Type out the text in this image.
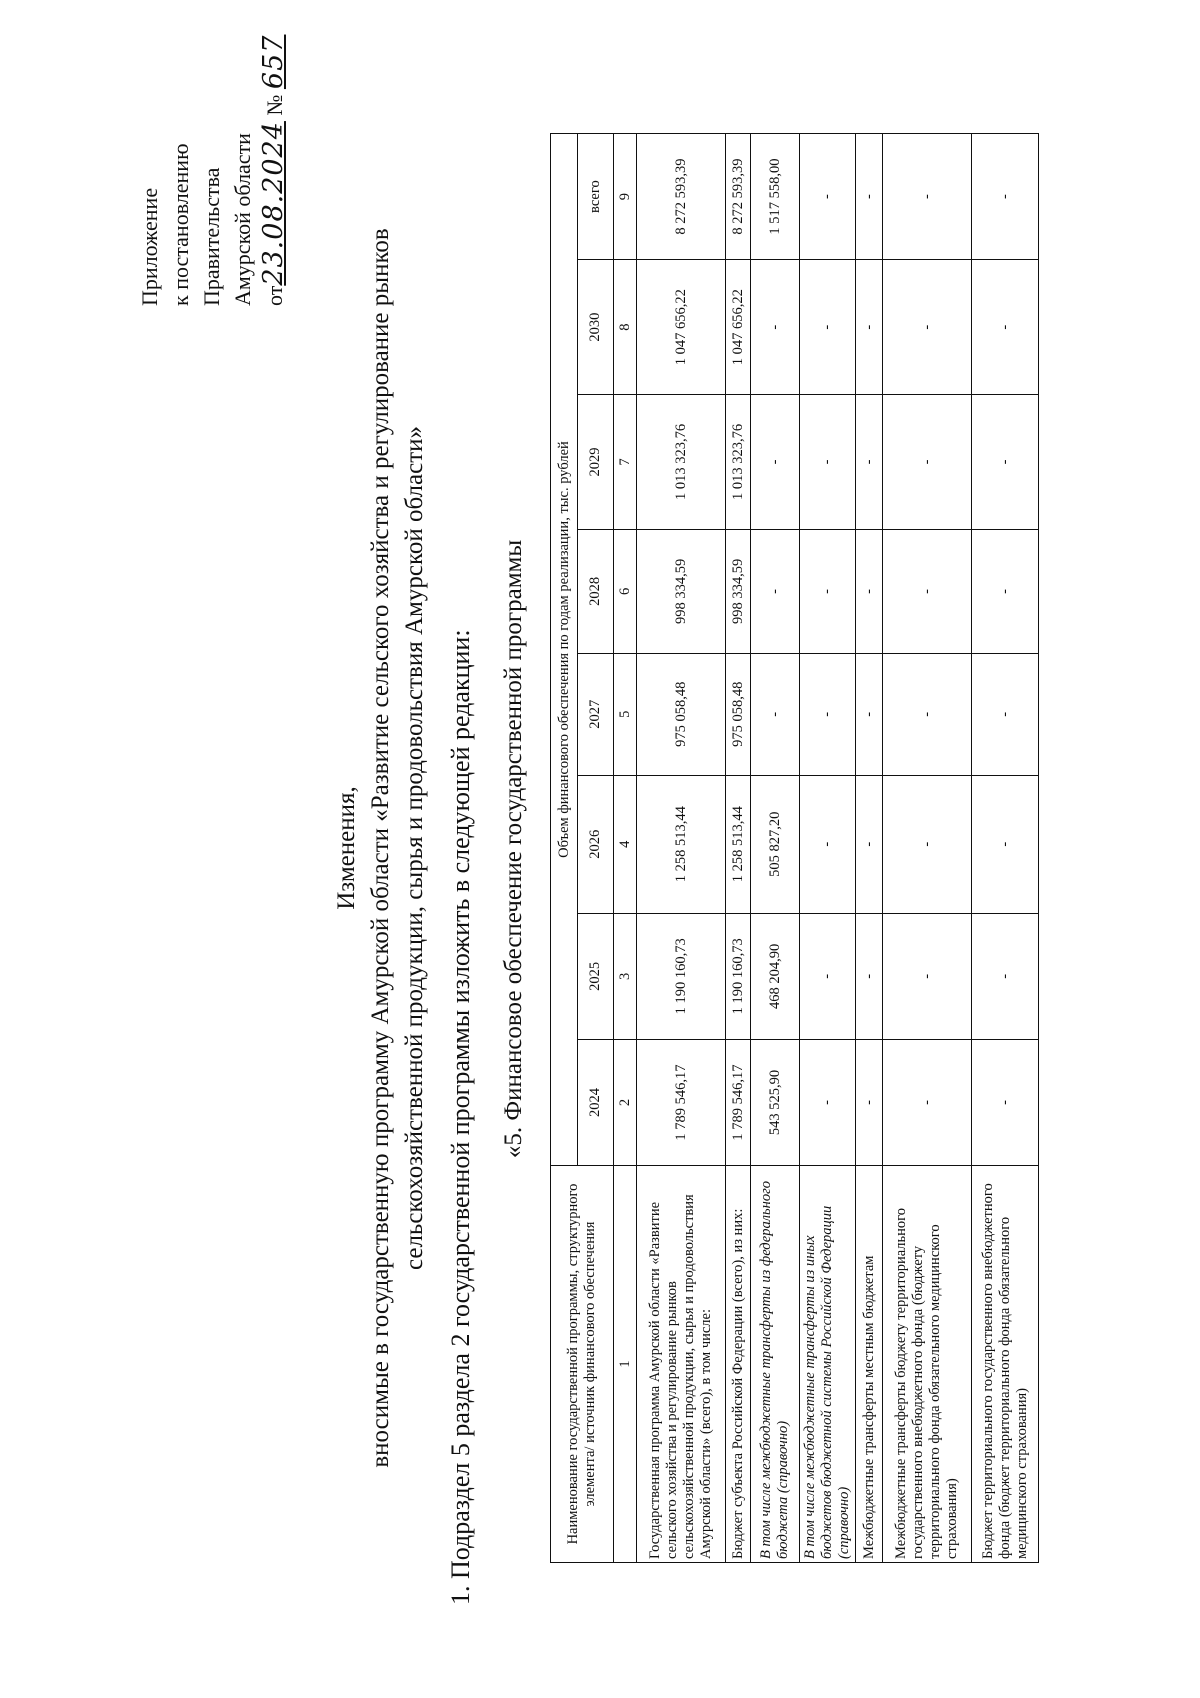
Приложение к постановлению Правительства Амурской области от23.08.2024 № 657
Изменения, вносимые в государственную программу Амурской области «Развитие сельского хозяйства и регулирование рынков сельскохозяйственной продукции, сырья и продовольствия Амурской области» 1. Подраздел 5 раздела 2 государственной программы изложить в следующей редакции: «5. Финансовое обеспечение государственной программы
Наименование государственной программы, структурного элемента/ источник финансового обеспечения	Объем финансового обеспечения по годам реализации, тыс. рублей							
	2024	2025	2026	2027	2028	2029	2030	всего
1	2	3	4	5	6	7	8	9
Государственная программа Амурской области «Развитие сельского хозяйства и регулирование рынков сельскохозяйственной продукции, сырья и продовольствия Амурской области» (всего), в том числе:	1 789 546,17	1 190 160,73	1 258 513,44	975 058,48	998 334,59	1 013 323,76	1 047 656,22	8 272 593,39
Бюджет субъекта Российской Федерации (всего), из них:	1 789 546,17	1 190 160,73	1 258 513,44	975 058,48	998 334,59	1 013 323,76	1 047 656,22	8 272 593,39
В том числе межбюджетные трансферты из федерального бюджета (справочно)	543 525,90	468 204,90	505 827,20	-	-	-	-	1 517 558,00
В том числе межбюджетные трансферты из иных бюджетов бюджетной системы Российской Федерации (справочно)	-	-	-	-	-	-	-	-
Межбюджетные трансферты местным бюджетам	-	-	-	-	-	-	-	-
Межбюджетные трансферты бюджету территориального государственного внебюджетного фонда (бюджету территориального фонда обязательного медицинского страхования)	-	-	-	-	-	-	-	-
Бюджет территориального государственного внебюджетного фонда (бюджет территориального фонда обязательного медицинского страхования)	-	-	-	-	-	-	-	-
